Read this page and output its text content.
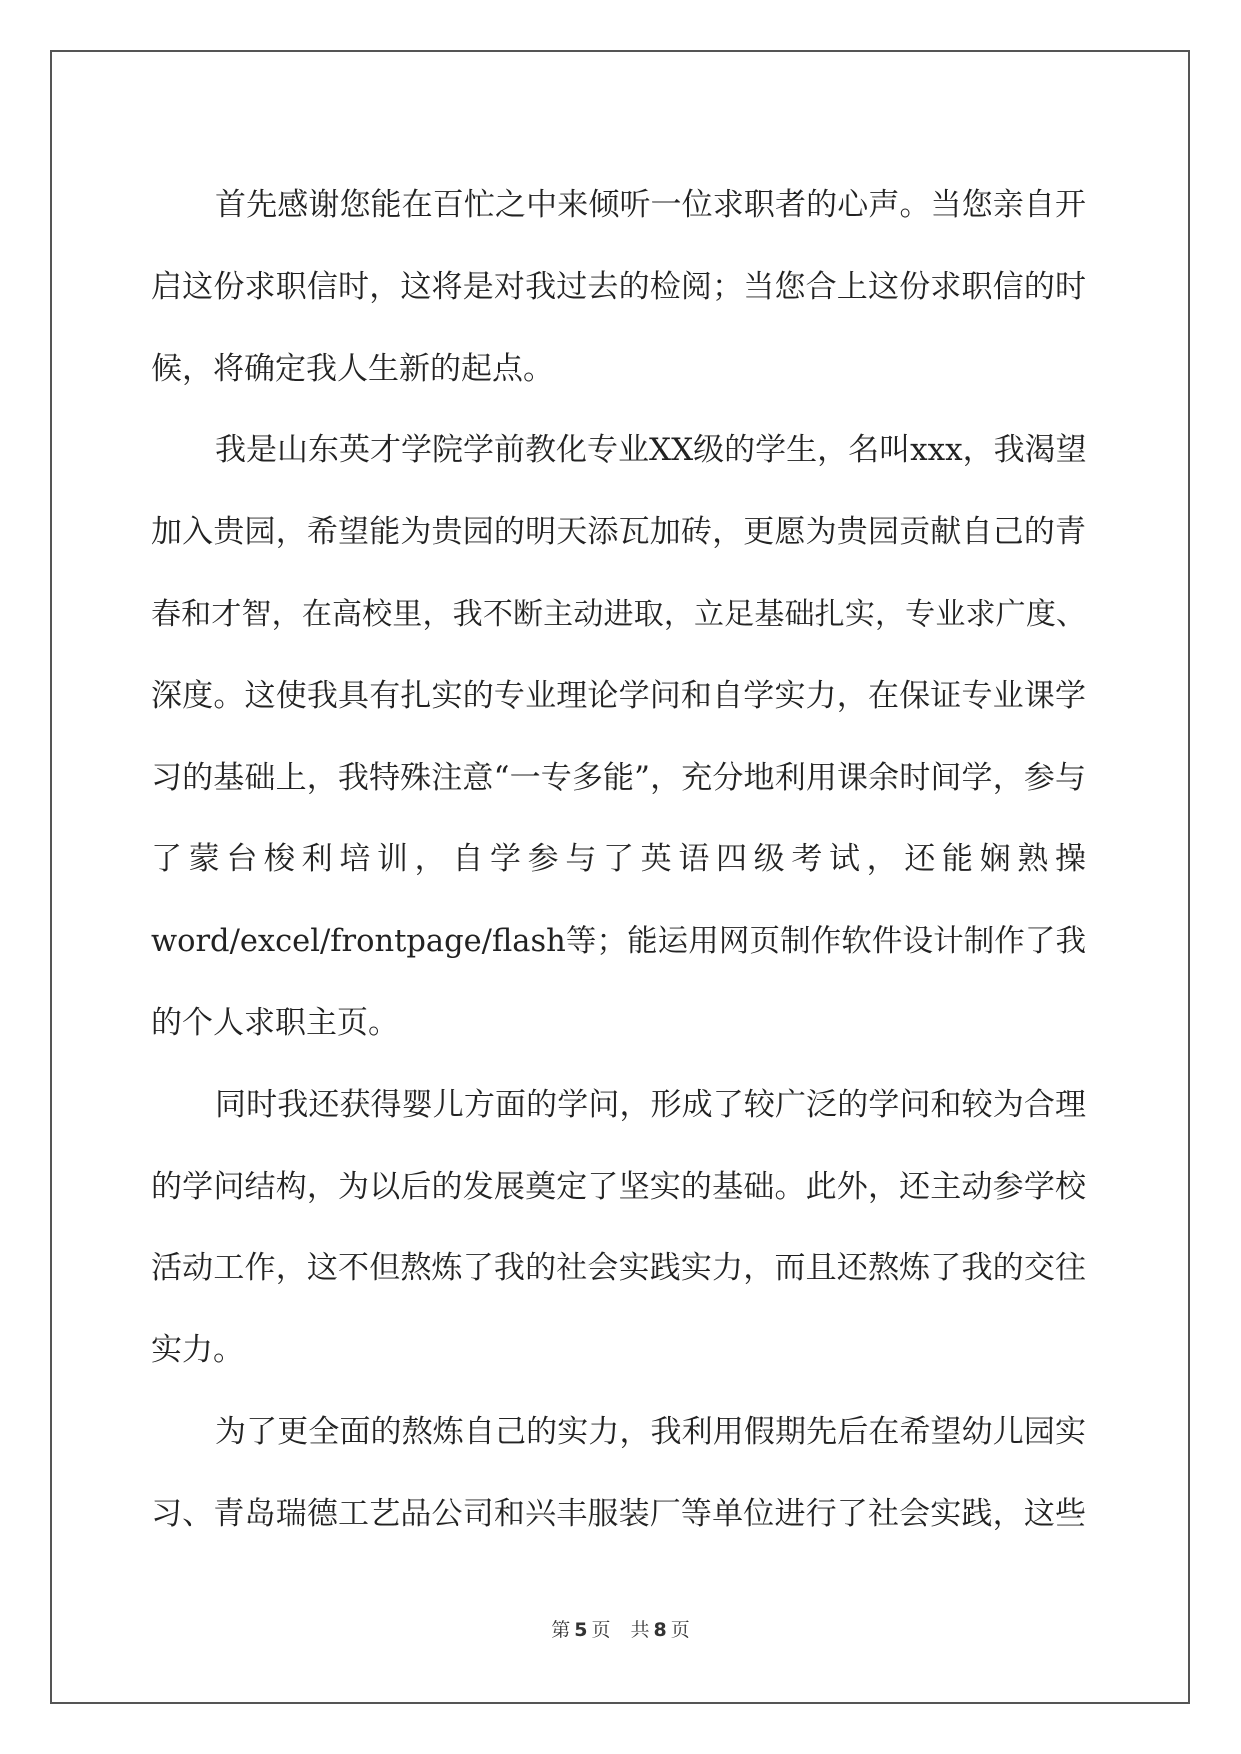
首先感谢您能在百忙之中来倾听一位求职者的心声。当您亲自开
启这份求职信时，这将是对我过去的检阅；当您合上这份求职信的时
候，将确定我人生新的起点。
我是山东英才学院学前教化专业XX级的学生，名叫xxx，我渴望
加入贵园，希望能为贵园的明天添瓦加砖，更愿为贵园贡献自己的青
春和才智，在高校里，我不断主动进取，立足基础扎实，专业求广度、
深度。这使我具有扎实的专业理论学问和自学实力，在保证专业课学
习的基础上，我特殊注意“一专多能”，充分地利用课余时间学，参与
了蒙台梭利培训，自学参与了英语四级考试，还能娴熟操
word/excel/frontpage/flash等；能运用网页制作软件设计制作了我
的个人求职主页。
同时我还获得婴儿方面的学问，形成了较广泛的学问和较为合理
的学问结构，为以后的发展奠定了坚实的基础。此外，还主动参学校
活动工作，这不但熬炼了我的社会实践实力，而且还熬炼了我的交往
实力。
为了更全面的熬炼自己的实力，我利用假期先后在希望幼儿园实
习、青岛瑞德工艺品公司和兴丰服装厂等单位进行了社会实践，这些
第 5 页 共 8 页
